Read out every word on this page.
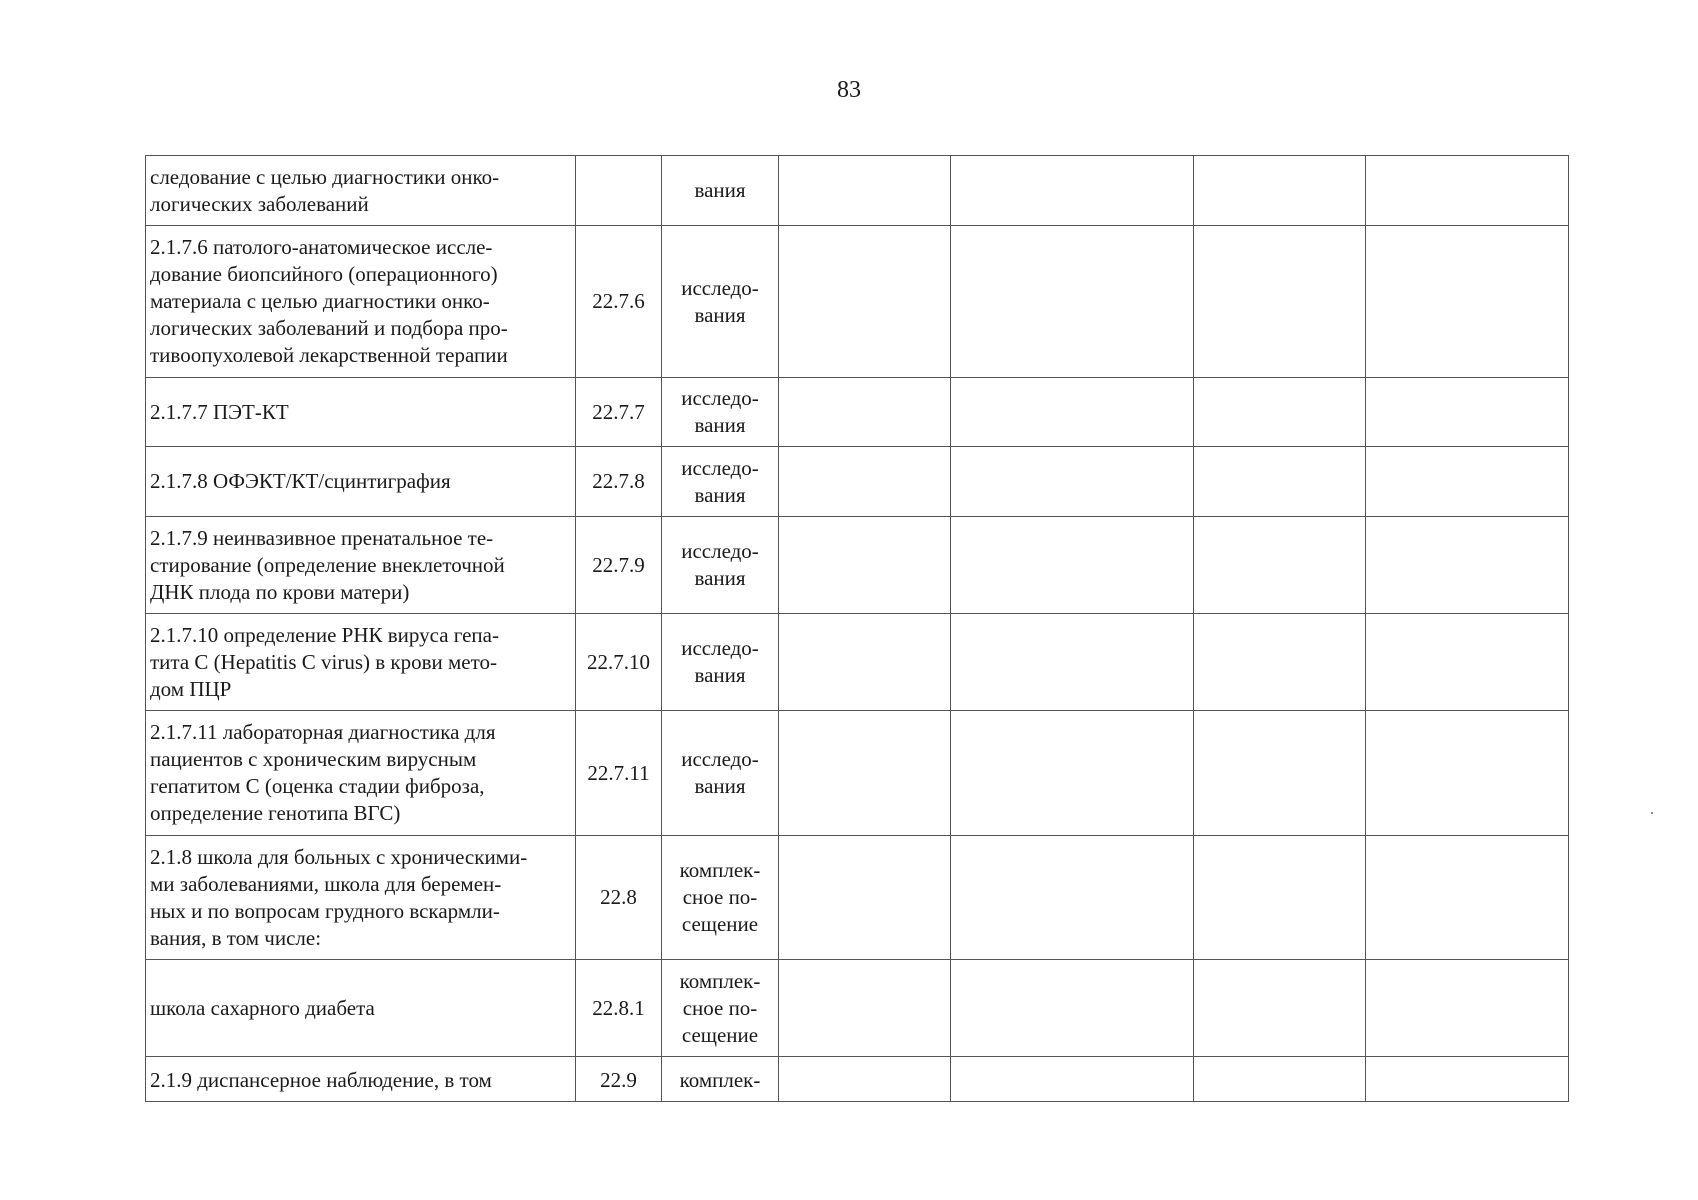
83
следование с целью диагностики онко-
логических заболеваний		вания				

2.1.7.6 патолого-анатомическое иссле-
дование биопсийного (операционного)
материала с целью диагностики онко-
логических заболеваний и подбора про-
тивоопухолевой лекарственной терапии	22.7.6	исследо-
вания				

2.1.7.7 ПЭТ-КТ	22.7.7	исследо-
вания				

2.1.7.8 ОФЭКТ/КТ/сцинтиграфия	22.7.8	исследо-
вания				

2.1.7.9 неинвазивное пренатальное те-
стирование (определение внеклеточной
ДНК плода по крови матери)	22.7.9	исследо-
вания				

2.1.7.10 определение РНК вируса гепа-
тита С (Hepatitis C virus) в крови мето-
дом ПЦР	22.7.10	исследо-
вания				

2.1.7.11 лабораторная диагностика для
пациентов с хроническим вирусным
гепатитом С (оценка стадии фиброза,
определение генотипа ВГС)	22.7.11	исследо-
вания				

2.1.8 школа для больных с хроническими-
ми заболеваниями, школа для беремен-
ных и по вопросам грудного вскармли-
вания, в том числе:	22.8	комплек-
сное по-
сещение				

школа сахарного диабета	22.8.1	комплек-
сное по-
сещение				

2.1.9 диспансерное наблюдение, в том	22.9	комплек-				
